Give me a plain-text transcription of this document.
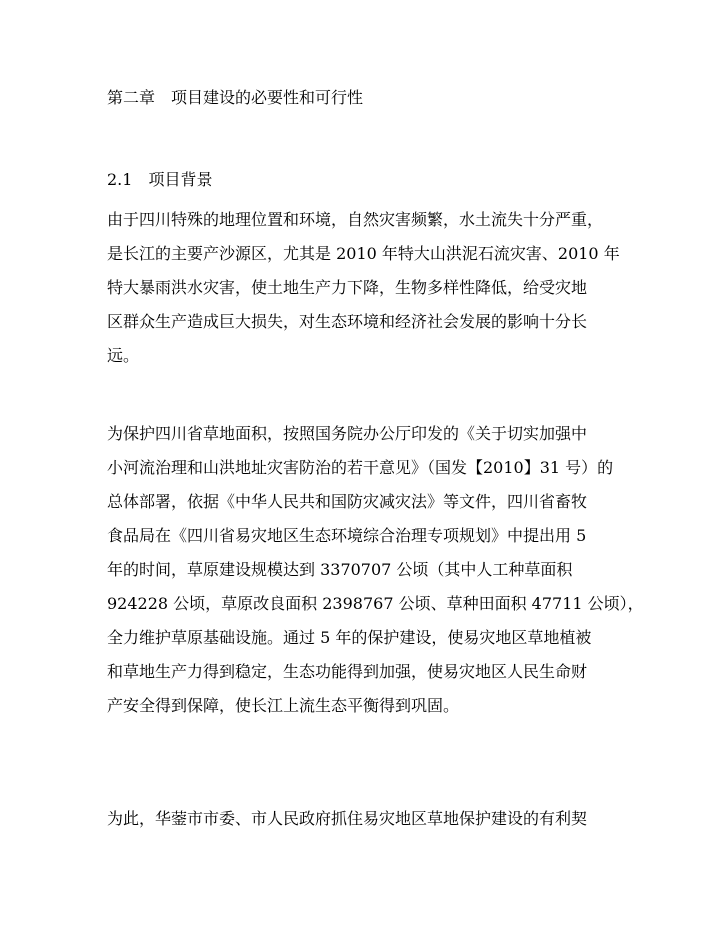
第二章　项目建设的必要性和可行性
2.1　项目背景
由于四川特殊的地理位置和环境，自然灾害频繁，水土流失十分严重，
是长江的主要产沙源区，尤其是 2010 年特大山洪泥石流灾害、2010 年
特大暴雨洪水灾害，使土地生产力下降，生物多样性降低，给受灾地
区群众生产造成巨大损失，对生态环境和经济社会发展的影响十分长
远。
为保护四川省草地面积，按照国务院办公厅印发的《关于切实加强中
小河流治理和山洪地址灾害防治的若干意见》（国发【2010】31 号）的
总体部署，依据《中华人民共和国防灾减灾法》等文件，四川省畜牧
食品局在《四川省易灾地区生态环境综合治理专项规划》中提出用 5
年的时间，草原建设规模达到 3370707 公顷（其中人工种草面积
924228 公顷，草原改良面积 2398767 公顷、草种田面积 47711 公顷），
全力维护草原基础设施。通过 5 年的保护建设，使易灾地区草地植被
和草地生产力得到稳定，生态功能得到加强，使易灾地区人民生命财
产安全得到保障，使长江上流生态平衡得到巩固。
为此，华蓥市市委、市人民政府抓住易灾地区草地保护建设的有利契
